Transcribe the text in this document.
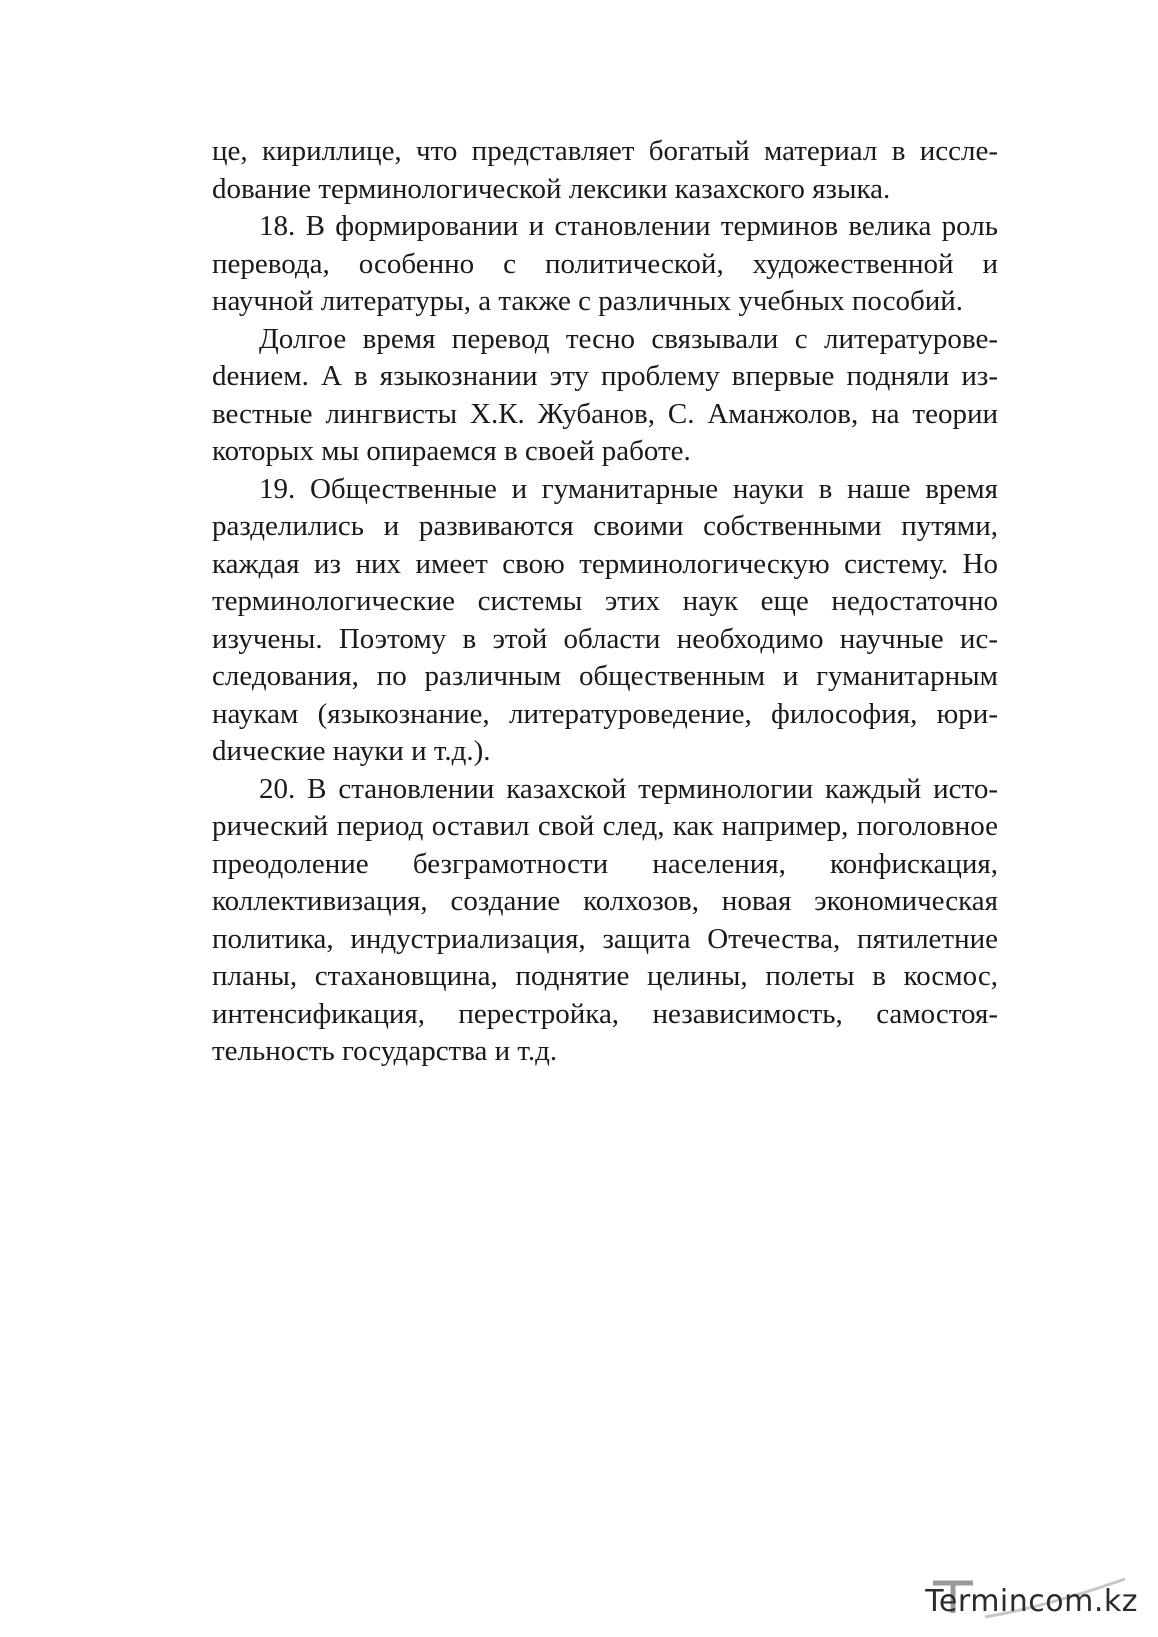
це, кириллице, что представляет богатый материал в исслеdование терминологической лексики казахского языка.

18. В формировании и становлении терминов велика роль перевода, особенно с политической, художественной и научной литературы, а также с различных учебных пособий.

Долгое время перевод тесно связывали с литературовеdением. А в языкознании эту проблему впервые подняли известные лингвисты Х.К. Жубанов, С. Аманжолов, на теории которых мы опираемся в своей работе.

19. Общественные и гуманитарные науки в наше время разделились и развиваются своими собственными путями, каждая из них имеет свою терминологическую систему. Но терминологические системы этих наук еще недостаточно изучены. Поэтому в этой области необходимо научные исследования, по различным общественным и гуманитарным наукам (языкознание, литературоведение, философия, юриdические науки и т.д.).

20. В становлении казахской терминологии каждый исторический период оставил свой след, как например, поголовное преодоление безграмотности населения, конфискация, коллективизация, создание колхозов, новая экономическая политика, индустриализация, защита Отечества, пятилетние планы, стахановщина, поднятие целины, полеты в космос, интенсификация, перестройка, независимость, самостоятельность государства и т.д.

Termincom.kz
